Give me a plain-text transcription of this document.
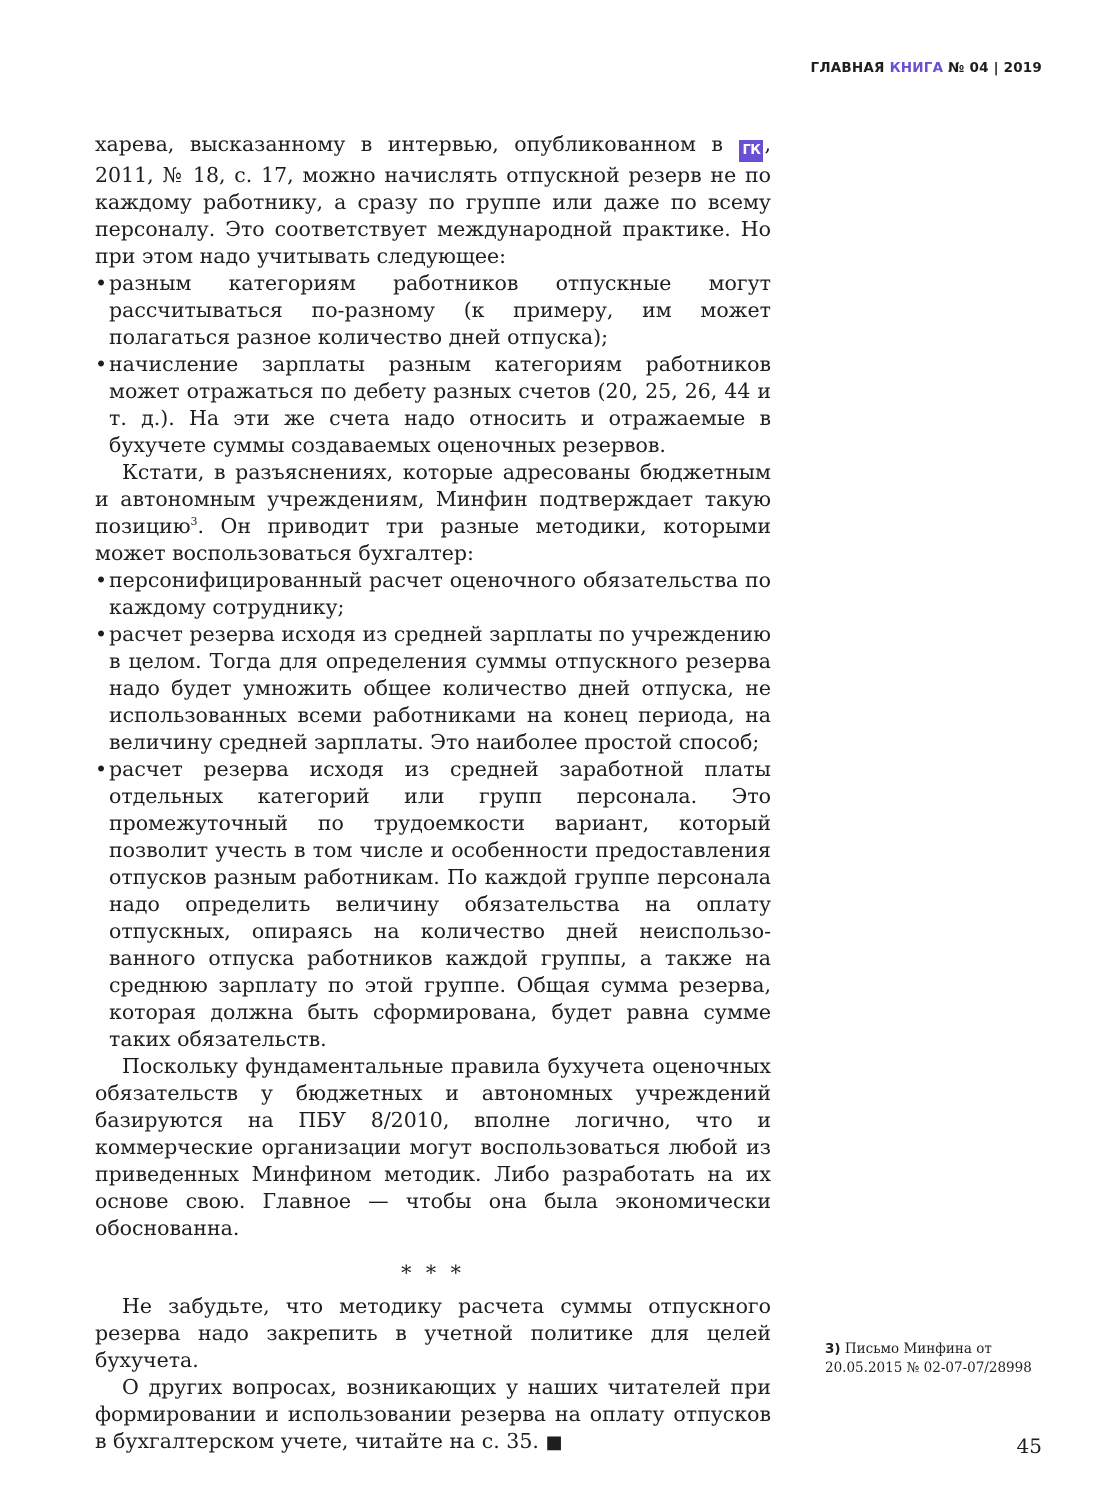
ГЛАВНАЯ КНИГА № 04 | 2019

харева, высказанному в интервью, опубликованном в ГК , 2011, № 18, с. 17, можно начислять отпускной резерв не по каждому работнику, а сразу по группе или даже по всему персоналу. Это соответствует международной практике. Но при этом надо учитывать следующее:

• разным категориям работников отпускные могут рассчитываться по-разному (к примеру, им может полагаться разное количество дней отпуска);
• начисление зарплаты разным категориям работников может отражаться по дебету разных счетов (20, 25, 26, 44 и т. д.). На эти же счета надо относить и отражаемые в бухучете суммы создаваемых оценочных резервов.

Кстати, в разъяснениях, которые адресованы бюджетным и автономным учреждениям, Минфин подтверждает такую позицию$^3$. Он приводит три разные методики, которыми может воспользоваться бухгалтер:

• персонифицированный расчет оценочного обязательства по каждому сотруднику;
• расчет резерва исходя из средней зарплаты по учреждению в целом. Тогда для определения суммы отпускного резерва надо будет умножить общее количество дней отпуска, не использованных всеми работниками на конец периода, на величину средней зарплаты. Это наиболее простой способ;
• расчет резерва исходя из средней заработной платы отдельных категорий или групп персонала. Это промежуточный по трудоемкости вариант, который позволит учесть в том числе и особенности предоставления отпусков разным работникам. По каждой группе персонала надо определить величину обязательства на оплату отпускных, опираясь на количество дней неиспользованного отпуска работников каждой группы, а также на среднюю зарплату по этой группе. Общая сумма резерва, которая должна быть сформирована, будет равна сумме таких обязательств.

Поскольку фундаментальные правила бухучета оценочных обязательств у бюджетных и автономных учреждений базируются на ПБУ 8/2010, вполне логично, что и коммерческие организации могут воспользоваться любой из приведенных Минфином методик. Либо разработать на их основе свою. Главное — чтобы она была экономически обоснованна.

* * *

Не забудьте, что методику расчета суммы отпускного резерва надо закрепить в учетной политике для целей бухучета.

О других вопросах, возникающих у наших читателей при формировании и использовании резерва на оплату отпусков в бухгалтерском учете, читайте на с. 35. ■

3) Письмо Минфина от 20.05.2015 № 02-07-07/28998
45
